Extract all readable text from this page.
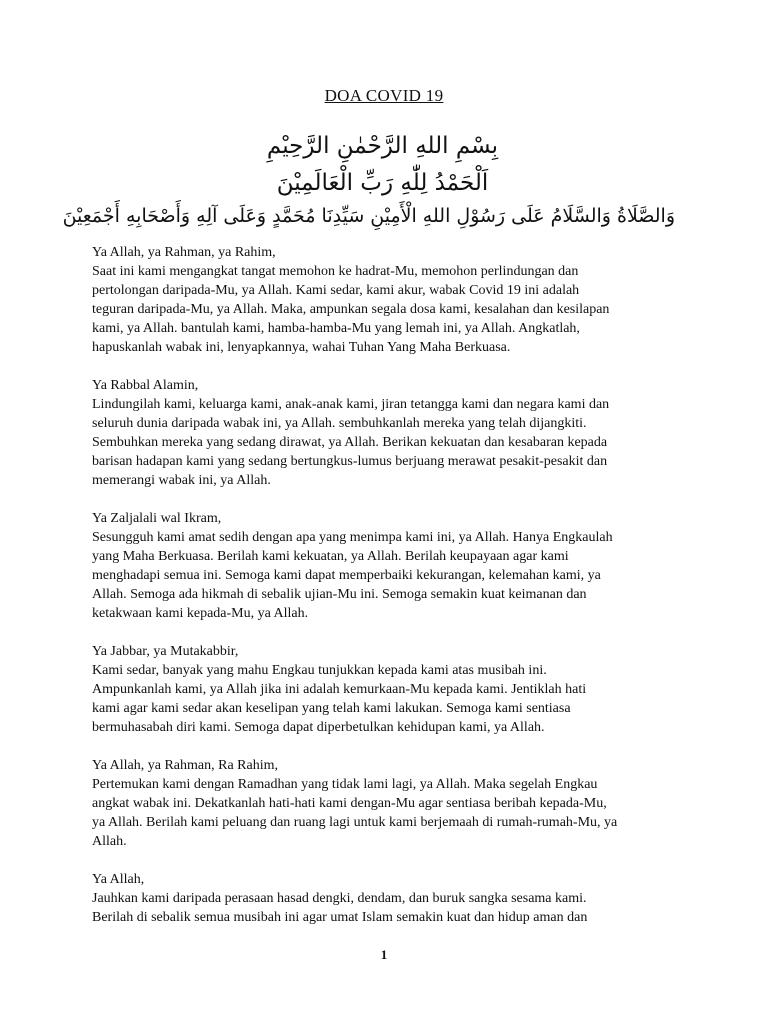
DOA COVID 19
بِسْمِ اللهِ الرَّحْمٰنِ الرَّحِيْمِ
اَلْحَمْدُ لِلّٰهِ رَبِّ الْعَالَمِيْنَ
وَالصَّلَاةُ وَالسَّلَامُ عَلَى رَسُوْلِ اللهِ الْأَمِيْنِ سَيِّدِنَا مُحَمَّدٍ وَعَلَى آلِهِ وَأَصْحَابِهِ أَجْمَعِيْنَ
Ya Allah, ya Rahman, ya Rahim,
Saat ini kami mengangkat tangat memohon ke hadrat-Mu, memohon perlindungan dan
pertolongan daripada-Mu, ya Allah. Kami sedar, kami akur, wabak Covid 19 ini adalah
teguran daripada-Mu, ya Allah. Maka, ampunkan segala dosa kami, kesalahan dan kesilapan
kami, ya Allah. bantulah kami, hamba-hamba-Mu yang lemah ini, ya Allah. Angkatlah,
hapuskanlah wabak ini, lenyapkannya, wahai Tuhan Yang Maha Berkuasa.
Ya Rabbal Alamin,
Lindungilah kami, keluarga kami, anak-anak kami, jiran tetangga kami dan negara kami dan
seluruh dunia daripada wabak ini, ya Allah. sembuhkanlah mereka yang telah dijangkiti.
Sembuhkan mereka yang sedang dirawat, ya Allah. Berikan kekuatan dan kesabaran kepada
barisan hadapan kami yang sedang bertungkus-lumus berjuang merawat pesakit-pesakit dan
memerangi wabak ini, ya Allah.
Ya Zaljalali wal Ikram,
Sesungguh kami amat sedih dengan apa yang menimpa kami ini, ya Allah. Hanya Engkaulah
yang Maha Berkuasa. Berilah kami kekuatan, ya Allah. Berilah keupayaan agar kami
menghadapi semua ini. Semoga kami dapat memperbaiki kekurangan, kelemahan kami, ya
Allah. Semoga ada hikmah di sebalik ujian-Mu ini. Semoga semakin kuat keimanan dan
ketakwaan kami kepada-Mu, ya Allah.
Ya Jabbar, ya Mutakabbir,
Kami sedar, banyak yang mahu Engkau tunjukkan kepada kami atas musibah ini.
Ampunkanlah kami, ya Allah jika ini adalah kemurkaan-Mu kepada kami. Jentiklah hati
kami agar kami sedar akan keselipan yang telah kami lakukan. Semoga kami sentiasa
bermuhasabah diri kami. Semoga dapat diperbetulkan kehidupan kami, ya Allah.
Ya Allah, ya Rahman, Ra Rahim,
Pertemukan kami dengan Ramadhan yang tidak lami lagi, ya Allah. Maka segelah Engkau
angkat wabak ini. Dekatkanlah hati-hati kami dengan-Mu agar sentiasa beribah kepada-Mu,
ya Allah. Berilah kami peluang dan ruang lagi untuk kami berjemaah di rumah-rumah-Mu, ya
Allah.
Ya Allah,
Jauhkan kami daripada perasaan hasad dengki, dendam, dan buruk sangka sesama kami.
Berilah di sebalik semua musibah ini agar umat Islam semakin kuat dan hidup aman dan
1
